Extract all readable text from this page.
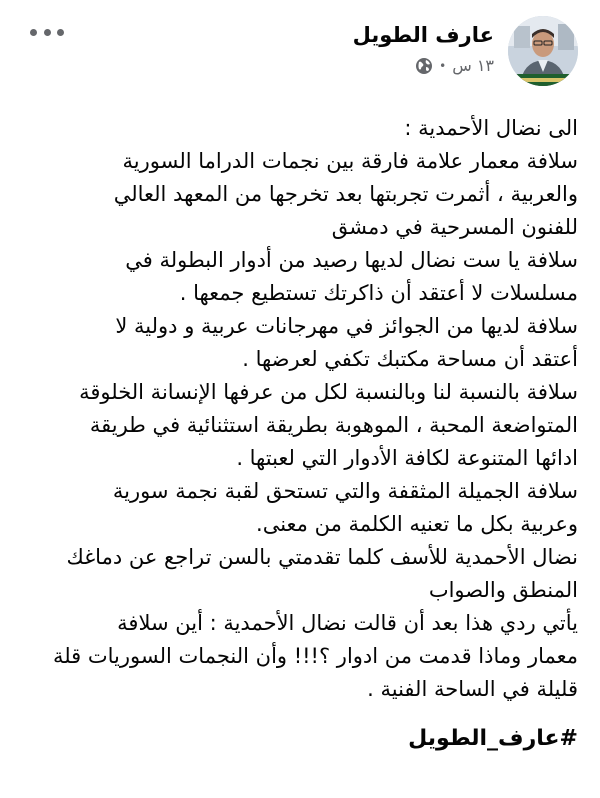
عارف الطويل
• ١٣ س
الى نضال الأحمدية :
سلافة معمار علامة فارقة بين نجمات الدراما السورية
والعربية ، أثمرت تجربتها بعد تخرجها من المعهد العالي
للفنون المسرحية في دمشق
سلافة يا ست نضال لديها رصيد من أدوار البطولة في
مسلسلات لا أعتقد أن ذاكرتك تستطيع جمعها .
سلافة لديها من الجوائز في مهرجانات عربية و دولية لا
أعتقد أن مساحة مكتبك تكفي لعرضها .
سلافة بالنسبة لنا وبالنسبة لكل من عرفها الإنسانة الخلوقة
المتواضعة المحبة ، الموهوبة بطريقة استثنائية في طريقة
ادائها المتنوعة لكافة الأدوار التي لعبتها .
سلافة الجميلة المثقفة والتي تستحق لقبة نجمة سورية
وعربية بكل ما تعنيه الكلمة من معنى.
نضال الأحمدية للأسف كلما تقدمتي بالسن تراجع عن دماغك
المنطق والصواب
يأتي ردي هذا بعد أن قالت نضال الأحمدية : أين سلافة
معمار وماذا قدمت من ادوار ؟!!! وأن النجمات السوريات قلة
قليلة في الساحة الفنية .
#عارف_الطويل
